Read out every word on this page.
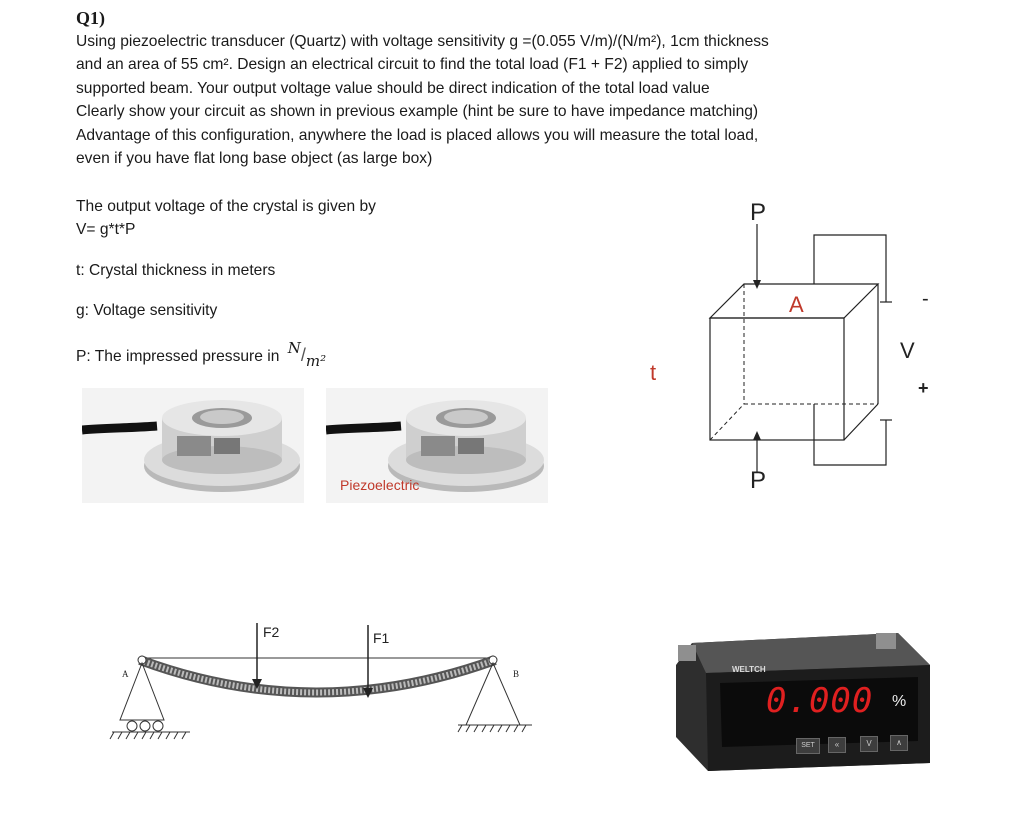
Q1)
Using piezoelectric transducer (Quartz) with voltage sensitivity g =(0.055 V/m)/(N/m²), 1cm thickness
and an area of 55 cm². Design an electrical circuit to find the total load (F1 + F2) applied to simply
supported beam. Your output voltage value should be direct indication of the total load value
Clearly show your circuit as shown in previous example (hint be sure to have impedance matching)
Advantage of this configuration, anywhere the load is placed allows you will measure the total load,
even if you have flat long base object (as large box)
The output voltage of the crystal is given by
V= g*t*P
t: Crystal thickness in meters
g: Voltage sensitivity
P: The impressed pressure in N/m²
Piezoelectric
t
P
P
A
V
-
+
F2	F1
A	B	WELTCH
0.000 %
SET	«	V	∧
